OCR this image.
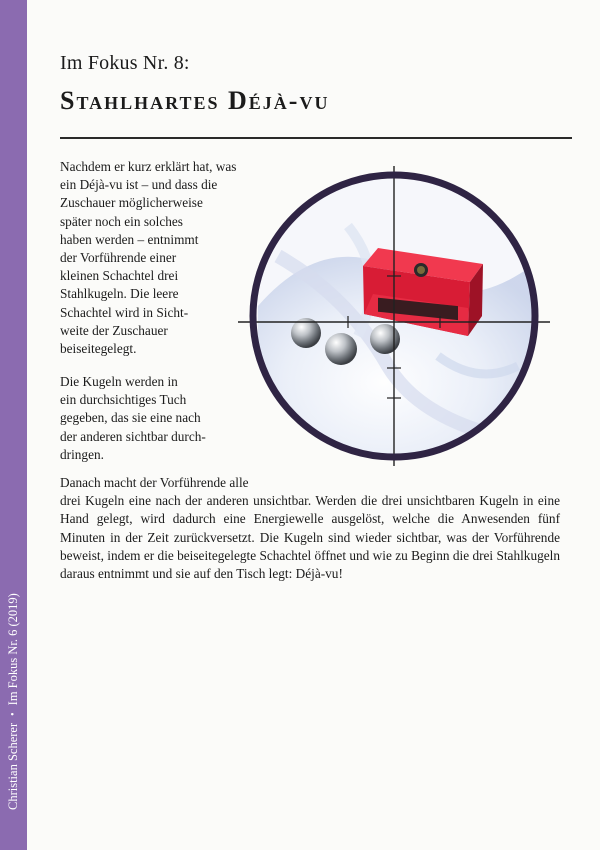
Christian Scherer
•
Im Fokus Nr. 6 (2019)
Im Fokus Nr. 8:
Stahlhartes Déjà-vu

Nachdem er kurz erklärt hat, was
ein Déjà-vu ist – und dass die
Zuschauer möglicherweise
später noch ein solches
haben werden – entnimmt
der Vorführende einer
kleinen Schachtel drei
Stahlkugeln. Die leere
Schachtel wird in Sicht-
weite der Zuschauer
beiseitegelegt.

Die Kugeln werden in
ein durchsichtiges Tuch
gegeben, das sie eine nach
der anderen sichtbar durch-
dringen.

Danach macht der Vorführende alle
drei Kugeln eine nach der anderen unsichtbar. Werden die drei unsichtbaren Kugeln in eine Hand gelegt, wird dadurch eine Energiewelle ausgelöst, welche die Anwesenden fünf Minuten in der Zeit zurückversetzt. Die Kugeln sind wieder sichtbar, was der Vorführende beweist, indem er die beiseitegelegte Schachtel öffnet und wie zu Beginn die drei Stahlkugeln daraus entnimmt und sie auf den Tisch legt: Déjà-vu!
